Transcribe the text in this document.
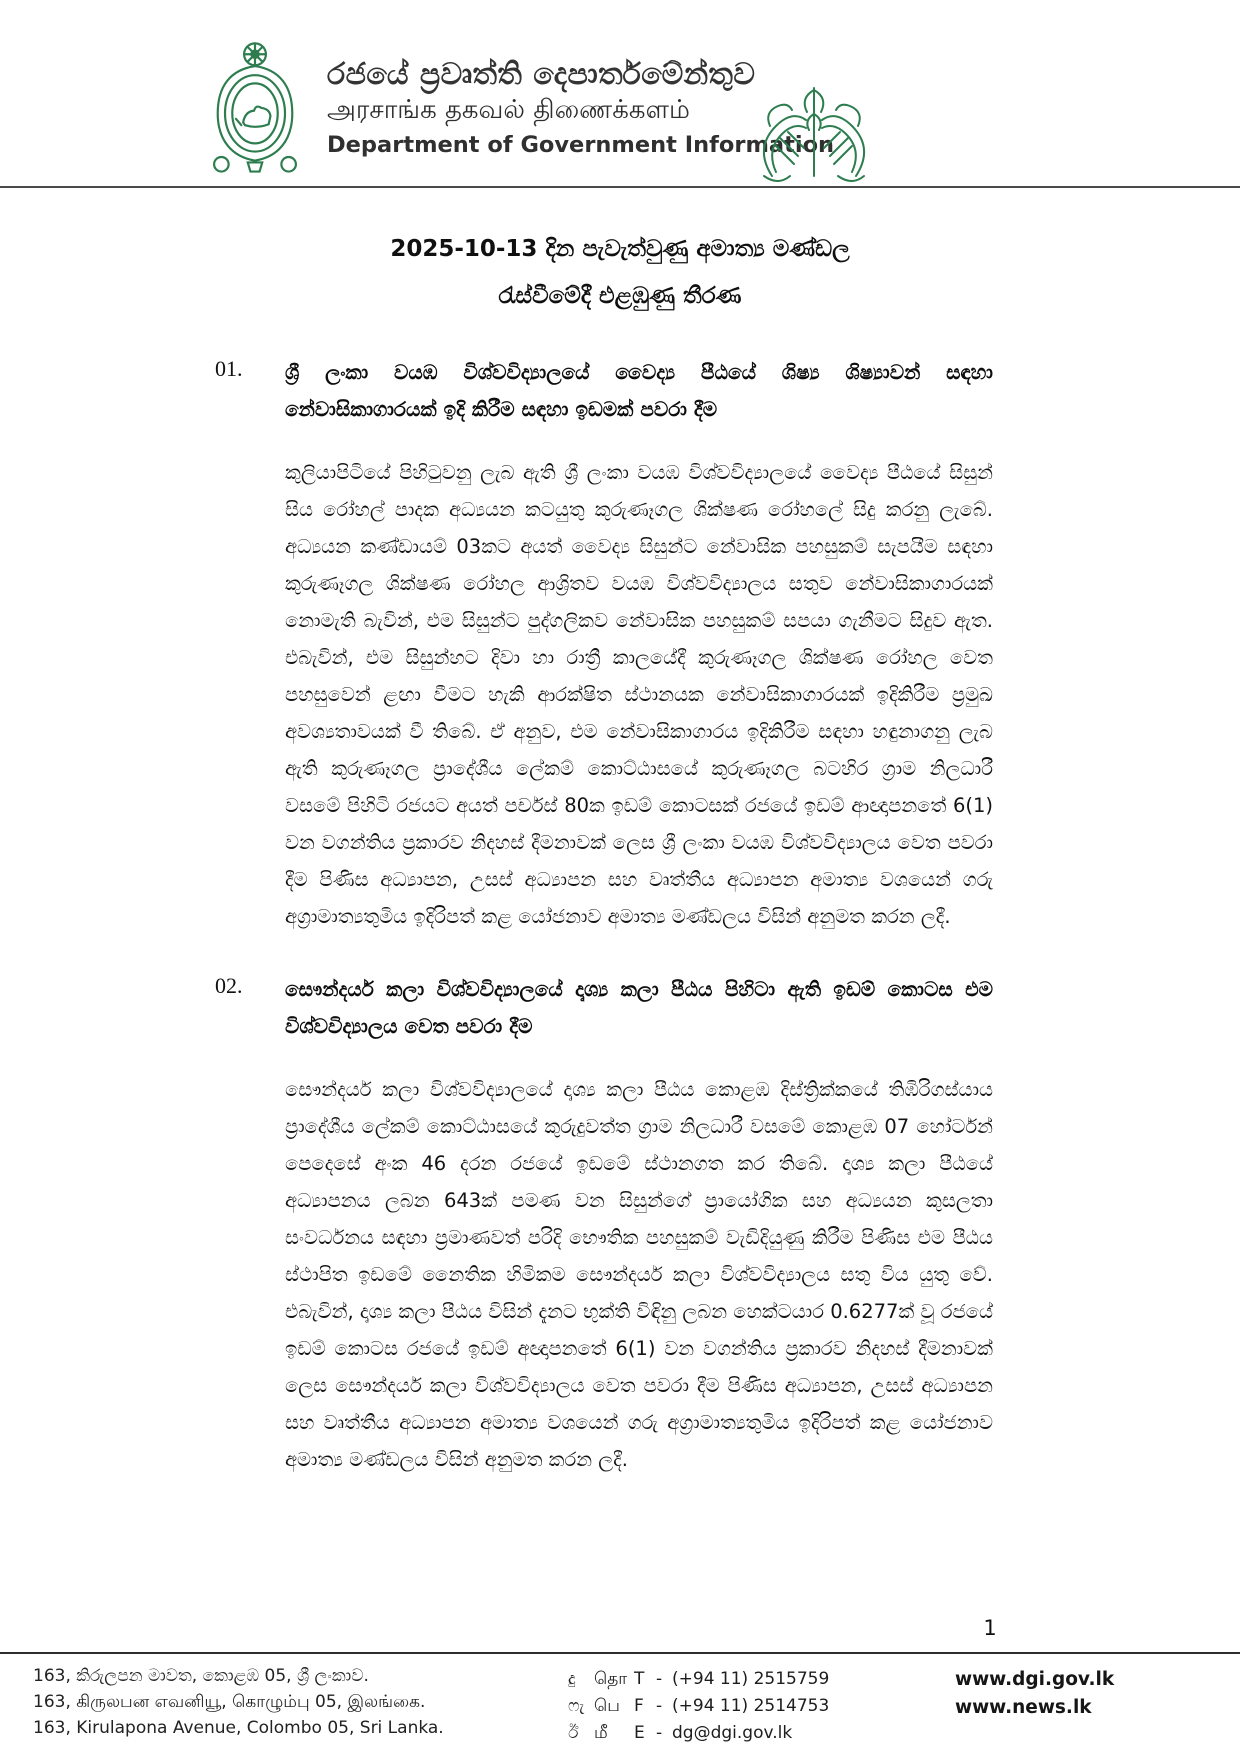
රජයේ ප්‍රවෘත්ති දෙපාර්තමේන්තුව
அரசாங்க தகவல் திணைக்களம்
Department of Government Information
2025-10-13 දින පැවැත්වුණු අමාත්‍ය මණ්ඩල
රැස්වීමේදී එළඹුණු තීරණ
01.	ශ්‍රී ලංකා වයඹ විශ්වවිද්‍යාලයේ වෛද්‍ය පීඨයේ ශිෂ්‍ය ශිෂ්‍යාවන් සඳහා නේවාසිකාගාරයක් ඉදි කිරීම සඳහා ඉඩමක් පවරා දීම
කුලියාපිටියේ පිහිටුවනු ලැබ ඇති ශ්‍රී ලංකා වයඹ විශ්වවිද්‍යාලයේ වෛද්‍ය පීඨයේ සිසුන් සිය රෝහල් පාදක අධ්‍යයන කටයුතු කුරුණෑගල ශික්ෂණ රෝහලේ සිදු කරනු ලැබේ. අධ්‍යයන කණ්ඩායම් 03කට අයත් වෛද්‍ය සිසුන්ට නේවාසික පහසුකම් සැපයීම සඳහා කුරුණෑගල ශික්ෂණ රෝහල ආශ්‍රිතව වයඹ විශ්වවිද්‍යාලය සතුව නේවාසිකාගාරයක් නොමැති බැවින්, එම සිසුන්ට පුද්ගලිකව නේවාසික පහසුකම් සපයා ගැනීමට සිදුව ඇත. එබැවින්, එම සිසුන්හට දිවා හා රාත්‍රී කාලයේදී කුරුණෑගල ශික්ෂණ රෝහල වෙත පහසුවෙන් ළඟා වීමට හැකි ආරක්ෂිත ස්ථානයක නේවාසිකාගාරයක් ඉදිකිරීම ප්‍රමුඛ අවශ්‍යතාවයක් වී තිබේ. ඒ අනුව, එම නේවාසිකාගාරය ඉදිකිරීම සඳහා හඳුනාගනු ලැබ ඇති කුරුණෑගල ප්‍රාදේශීය ලේකම් කොට්ඨාසයේ කුරුණෑගල බටහිර ග්‍රාම නිලධාරී වසමේ පිහිටි රජයට අයත් පර්චස් 80ක ඉඩම් කොටසක් රජයේ ඉඩම් ආඥාපනතේ 6(1) වන වගන්තිය ප්‍රකාරව නිදහස් දීමනාවක් ලෙස ශ්‍රී ලංකා වයඹ විශ්වවිද්‍යාලය වෙත පවරා දීම පිණිස අධ්‍යාපන, උසස් අධ්‍යාපන සහ වෘත්තීය අධ්‍යාපන අමාත්‍ය වශයෙන් ගරු අග්‍රාමාත්‍යතුමිය ඉදිරිපත් කළ යෝජනාව අමාත්‍ය මණ්ඩලය විසින් අනුමත කරන ලදී.
02.	සෞන්දර්ය කලා විශ්වවිද්‍යාලයේ දෘශ්‍ය කලා පීඨය පිහිටා ඇති ඉඩම් කොටස එම විශ්වවිද්‍යාලය වෙත පවරා දීම
සෞන්දර්ය කලා විශ්වවිද්‍යාලයේ දෘශ්‍ය කලා පීඨය කොළඹ දිස්ත්‍රික්කයේ තිඹිරිගස්යාය ප්‍රාදේශීය ලේකම් කොට්ඨාසයේ කුරුදුවත්ත ග්‍රාම නිලධාරී වසමේ කොළඹ 07 හෝර්ටන් පෙදෙසේ අංක 46 දරන රජයේ ඉඩමේ ස්ථානගත කර තිබේ. දෘශ්‍ය කලා පීඨයේ අධ්‍යාපනය ලබන 643ක් පමණ වන සිසුන්ගේ ප්‍රායෝගික සහ අධ්‍යයන කුසලතා සංවර්ධනය සඳහා ප්‍රමාණවත් පරිදි භෞතික පහසුකම් වැඩිදියුණු කිරීම පිණිස එම පීඨය ස්ථාපිත ඉඩමේ නෛතික හිමිකම සෞන්දර්ය කලා විශ්වවිද්‍යාලය සතු විය යුතු වේ. එබැවින්, දෘශ්‍ය කලා පීඨය විසින් දැනට භුක්ති විඳිනු ලබන හෙක්ටයාර 0.6277ක් වූ රජයේ ඉඩම් කොටස රජයේ ඉඩම් අඥාපනතේ 6(1) වන වගන්තිය ප්‍රකාරව නිදහස් දීමනාවක් ලෙස සෞන්දර්ය කලා විශ්වවිද්‍යාලය වෙත පවරා දීම පිණිස අධ්‍යාපන, උසස් අධ්‍යාපන සහ වෘත්තීය අධ්‍යාපන අමාත්‍ය වශයෙන් ගරු අග්‍රාමාත්‍යතුමිය ඉදිරිපත් කළ යෝජනාව අමාත්‍ය මණ්ඩලය විසින් අනුමත කරන ලදී.
1
163, කිරුලපන මාවත, කොළඹ 05, ශ්‍රී ලංකාව.
163, கிருலபன எவனியூ, கொழும்பு 05, இலங்கை.
163, Kirulapona Avenue, Colombo 05, Sri Lanka.
දු	தொ T - (+94 11) 2515759
ෆැ பெ F - (+94 11) 2514753
ඊ மீ	E - dg@dgi.gov.lk
www.dgi.gov.lk
www.news.lk
